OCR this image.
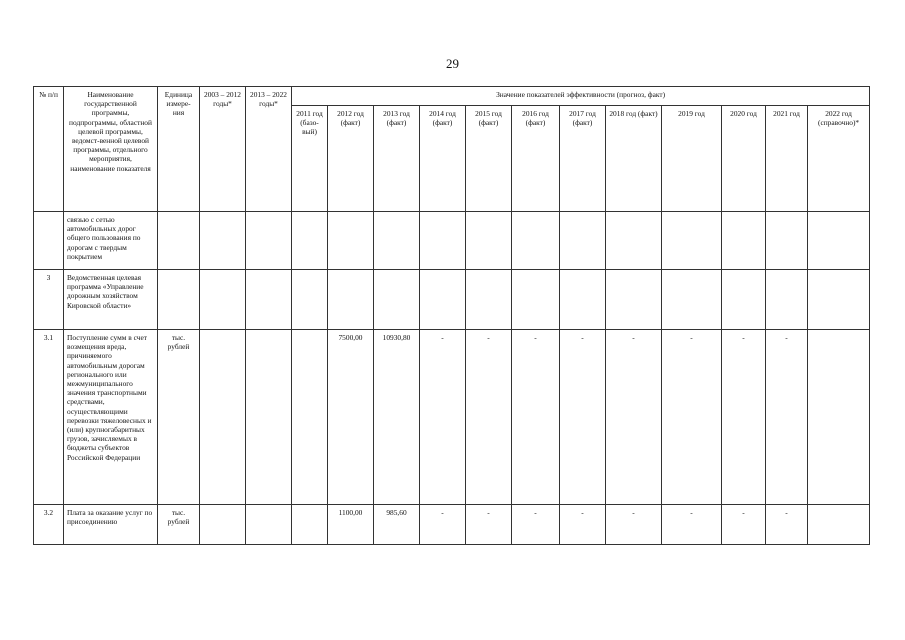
29
№ п/п	Наименование государственной программы, подпрограммы, областной целевой программы, ведомст-венной целевой программы, отдельного мероприятия, наименование показателя	Единица измере-ния	2003 – 2012 годы*	2013 – 2022 годы*	Значение показателей эффективности (прогноз, факт)											
					2011 год (базо-вый)	2012 год (факт)	2013 год (факт)	2014 год (факт)	2015 год (факт)	2016 год (факт)	2017 год (факт)	2018 год (факт)	2019 год	2020 год	2021 год	2022 год (справочно)*
	связью с сетью автомобильных дорог общего пользования по дорогам с твердым покрытием															
3	Ведомственная целевая программа «Управление дорожным хозяйством Кировской области»															
3.1	Поступление сумм в счет возмещения вреда, причиняемого автомобильным дорогам регионального или межмуниципального значения транспортными средствами, осуществляющими перевозки тяжеловесных и (или) крупногабаритных грузов, зачисляемых в бюджеты субъектов Российской Федерации	тыс. рублей				7500,00	10930,80	-	-	-	-	-	-	-	-	
3.2	Плата за оказание услуг по присоединению	тыс. рублей				1100,00	985,60	-	-	-	-	-	-	-	-	
